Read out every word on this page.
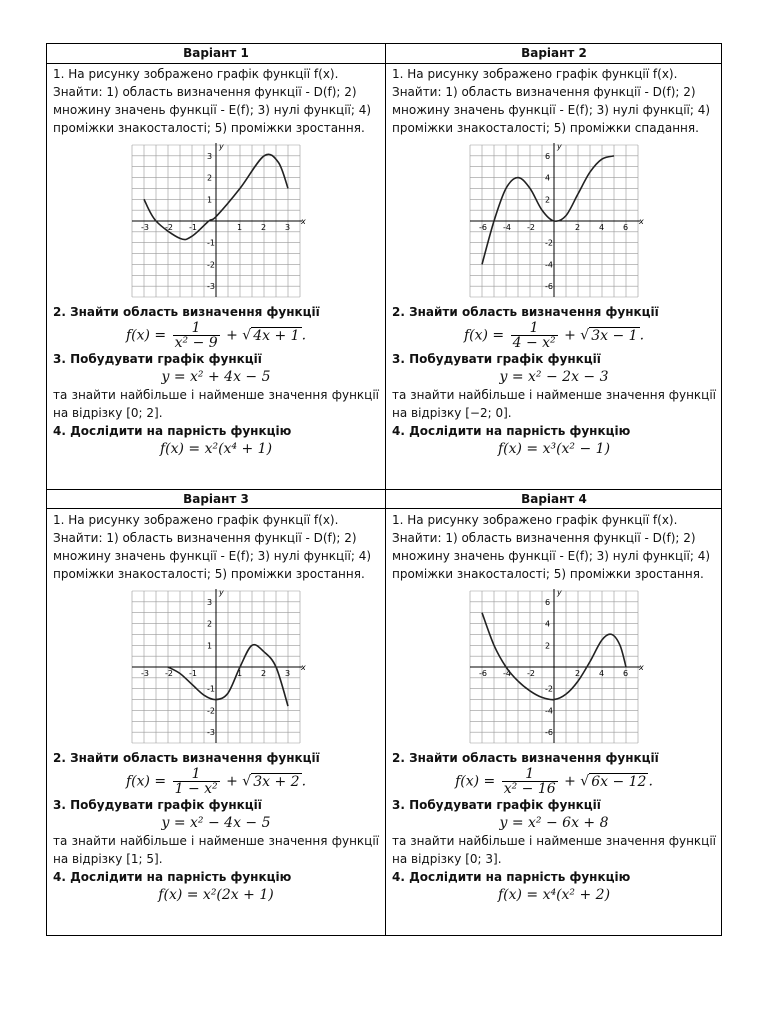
Варіант 1

1. На рисунку зображено графік функції f(x). Знайти: 1) область визначення функції - D(f); 2) множину значень функції - E(f); 3) нулі функції; 4) проміжки знакосталості; 5) проміжки зростання.

x
y
-3 -2 -1	1 2 3
3
2
1
-1
-2
-3

2. Знайти область визначення функції

$f(x) = \frac{1}{\text{x² − 9}}$ + √ 4x + 1 .

3. Побудувати графік функції

y = x² + 4x − 5

та знайти найбільше і найменше значення функції на відрізку [0; 2].

4. Дослідити на парність функцію

f(x) = x²(x⁴ + 1)
Варіант 2

1. На рисунку зображено графік функції f(x). Знайти: 1) область визначення функції - D(f); 2) множину значень функції - E(f); 3) нулі функції; 4) проміжки знакосталості; 5) проміжки спадання.

x
y
-6 -4 -2	2 4 6
6
4
2
-2
-4
-6

2. Знайти область визначення функції

$f(x) = \frac{1}{\text{4 − x²}}$ + √ 3x − 1 .

3. Побудувати графік функції

y = x² − 2x − 3

та знайти найбільше і найменше значення функції на відрізку [−2; 0].

4. Дослідити на парність функцію

f(x) = x³(x² − 1)
Варіант 3

1. На рисунку зображено графік функції f(x). Знайти: 1) область визначення функції - D(f); 2) множину значень функції - E(f); 3) нулі функції; 4) проміжки знакосталості; 5) проміжки зростання.

x
y
-3 -2 -1	1 2 3
3
2
1
-1
-2
-3

2. Знайти область визначення функції

$f(x) = \frac{1}{\text{1 − x²}}$ + √ 3x + 2 .

3. Побудувати графік функції

y = x² − 4x − 5

та знайти найбільше і найменше значення функції на відрізку [1; 5].

4. Дослідити на парність функцію

f(x) = x²(2x + 1)
Варіант 4

1. На рисунку зображено графік функції f(x). Знайти: 1) область визначення функції - D(f); 2) множину значень функції - E(f); 3) нулі функції; 4) проміжки знакосталості; 5) проміжки зростання.

x
y
-6 -4 -2	2 4 6
6
4
2
-2
-4
-6

2. Знайти область визначення функції

$f(x) = \frac{1}{\text{x² − 16}}$ + √ 6x − 12 .

3. Побудувати графік функції

y = x² − 6x + 8

та знайти найбільше і найменше значення функції на відрізку [0; 3].

4. Дослідити на парність функцію

f(x) = x⁴(x² + 2)
